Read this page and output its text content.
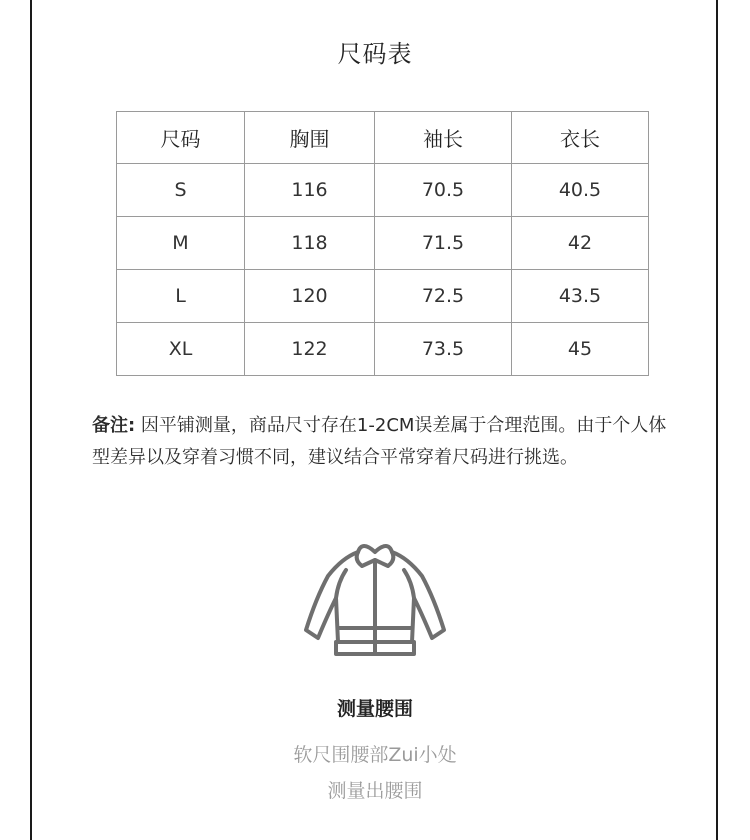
尺码表
尺码	胸围	袖长	衣长
S	116	70.5	40.5
M	118	71.5	42
L	120	72.5	43.5
XL	122	73.5	45
备注: 因平铺测量，商品尺寸存在1-2CM误差属于合理范围。由于个人体型差异以及穿着习惯不同，建议结合平常穿着尺码进行挑选。
测量腰围
软尺围腰部Zui小处
测量出腰围
